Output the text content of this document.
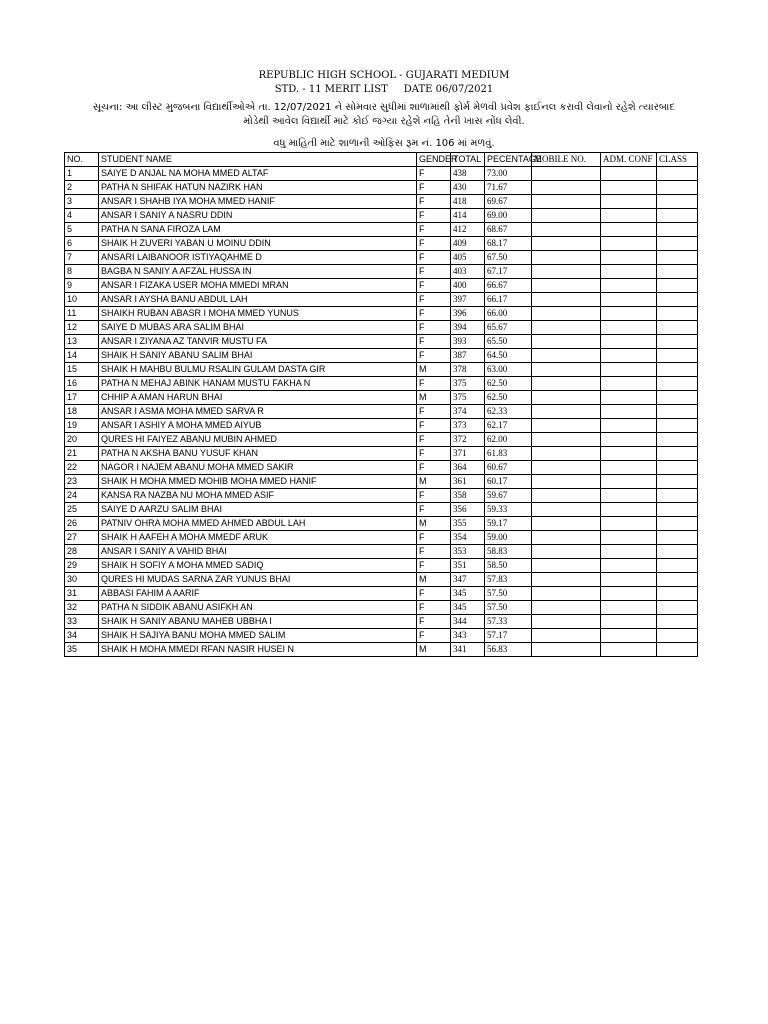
REPUBLIC HIGH SCHOOL - GUJARATI MEDIUM
STD. - 11 MERIT LIST DATE 06/07/2021
સૂચના: આ લીસ્ટ મુજબના વિદ્યાર્થીઓએ તા. 12/07/2021 ને સોમવાર સુધીમાં શાળામાંથી ફોર્મ મેળવી પ્રવેશ ફાઈનલ કરાવી લેવાનો રહેશે ત્યારબાદ
મોડેથી આવેલ વિદ્યાર્થી માટે કોઈ જગ્યા રહેશે નહિ તેની ખાસ નોંધ લેવી.
વધુ માહિતી માટે શાળાની ઓફિસ રૂમ નં. 106 માં મળવું.
NO.	STUDENT NAME	GENDER	TOTAL	PECENTAGE	MOBILE NO.	ADM. CONF	CLASS
1	SAIYE D ANJAL NA MOHA MMED ALTAF	F	438	73.00			
2	PATHA N SHIFAK HATUN NAZIRK HAN	F	430	71.67			
3	ANSAR I SHAHB IYA MOHA MMED HANIF	F	418	69.67			
4	ANSAR I SANIY A NASRU DDIN	F	414	69.00			
5	PATHA N SANA FIROZA LAM	F	412	68.67			
6	SHAIK H ZUVERI YABAN U MOINU DDIN	F	409	68.17			
7	ANSARI LAIBANOOR ISTIYAQAHME D	F	405	67.50			
8	BAGBA N SANIY A AFZAL HUSSA IN	F	403	67.17			
9	ANSAR I FIZAKA USER MOHA MMEDI MRAN	F	400	66.67			
10	ANSAR I AYSHA BANU ABDUL LAH	F	397	66.17			
11	SHAIKH RUBAN ABASR I MOHA MMED YUNUS	F	396	66.00			
12	SAIYE D MUBAS ARA SALIM BHAI	F	394	65.67			
13	ANSAR I ZIYANA AZ TANVIR MUSTU FA	F	393	65.50			
14	SHAIK H SANIY ABANU SALIM BHAI	F	387	64.50			
15	SHAIK H MAHBU BULMU RSALIN GULAM DASTA GIR	M	378	63.00			
16	PATHA N MEHAJ ABINK HANAM MUSTU FAKHA N	F	375	62.50			
17	CHHIP A AMAN HARUN BHAI	M	375	62.50			
18	ANSAR I ASMA MOHA MMED SARVA R	F	374	62.33			
19	ANSAR I ASHIY A MOHA MMED AIYUB	F	373	62.17			
20	QURES HI FAIYEZ ABANU MUBIN AHMED	F	372	62.00			
21	PATHA N AKSHA BANU YUSUF KHAN	F	371	61.83			
22	NAGOR I NAJEM ABANU MOHA MMED SAKIR	F	364	60.67			
23	SHAIK H MOHA MMED MOHIB MOHA MMED HANIF	M	361	60.17			
24	KANSA RA NAZBA NU MOHA MMED ASIF	F	358	59.67			
25	SAIYE D AARZU SALIM BHAI	F	356	59.33			
26	PATNIV OHRA MOHA MMED AHMED ABDUL LAH	M	355	59.17			
27	SHAIK H AAFEH A MOHA MMEDF ARUK	F	354	59.00			
28	ANSAR I SANIY A VAHID BHAI	F	353	58.83			
29	SHAIK H SOFIY A MOHA MMED SADIQ	F	351	58.50			
30	QURES HI MUDAS SARNA ZAR YUNUS BHAI	M	347	57.83			
31	ABBASI FAHIM A AARIF	F	345	57.50			
32	PATHA N SIDDIK ABANU ASIFKH AN	F	345	57.50			
33	SHAIK H SANIY ABANU MAHEB UBBHA I	F	344	57.33			
34	SHAIK H SAJIYA BANU MOHA MMED SALIM	F	343	57.17			
35	SHAIK H MOHA MMEDI RFAN NASIR HUSEI N	M	341	56.83			
